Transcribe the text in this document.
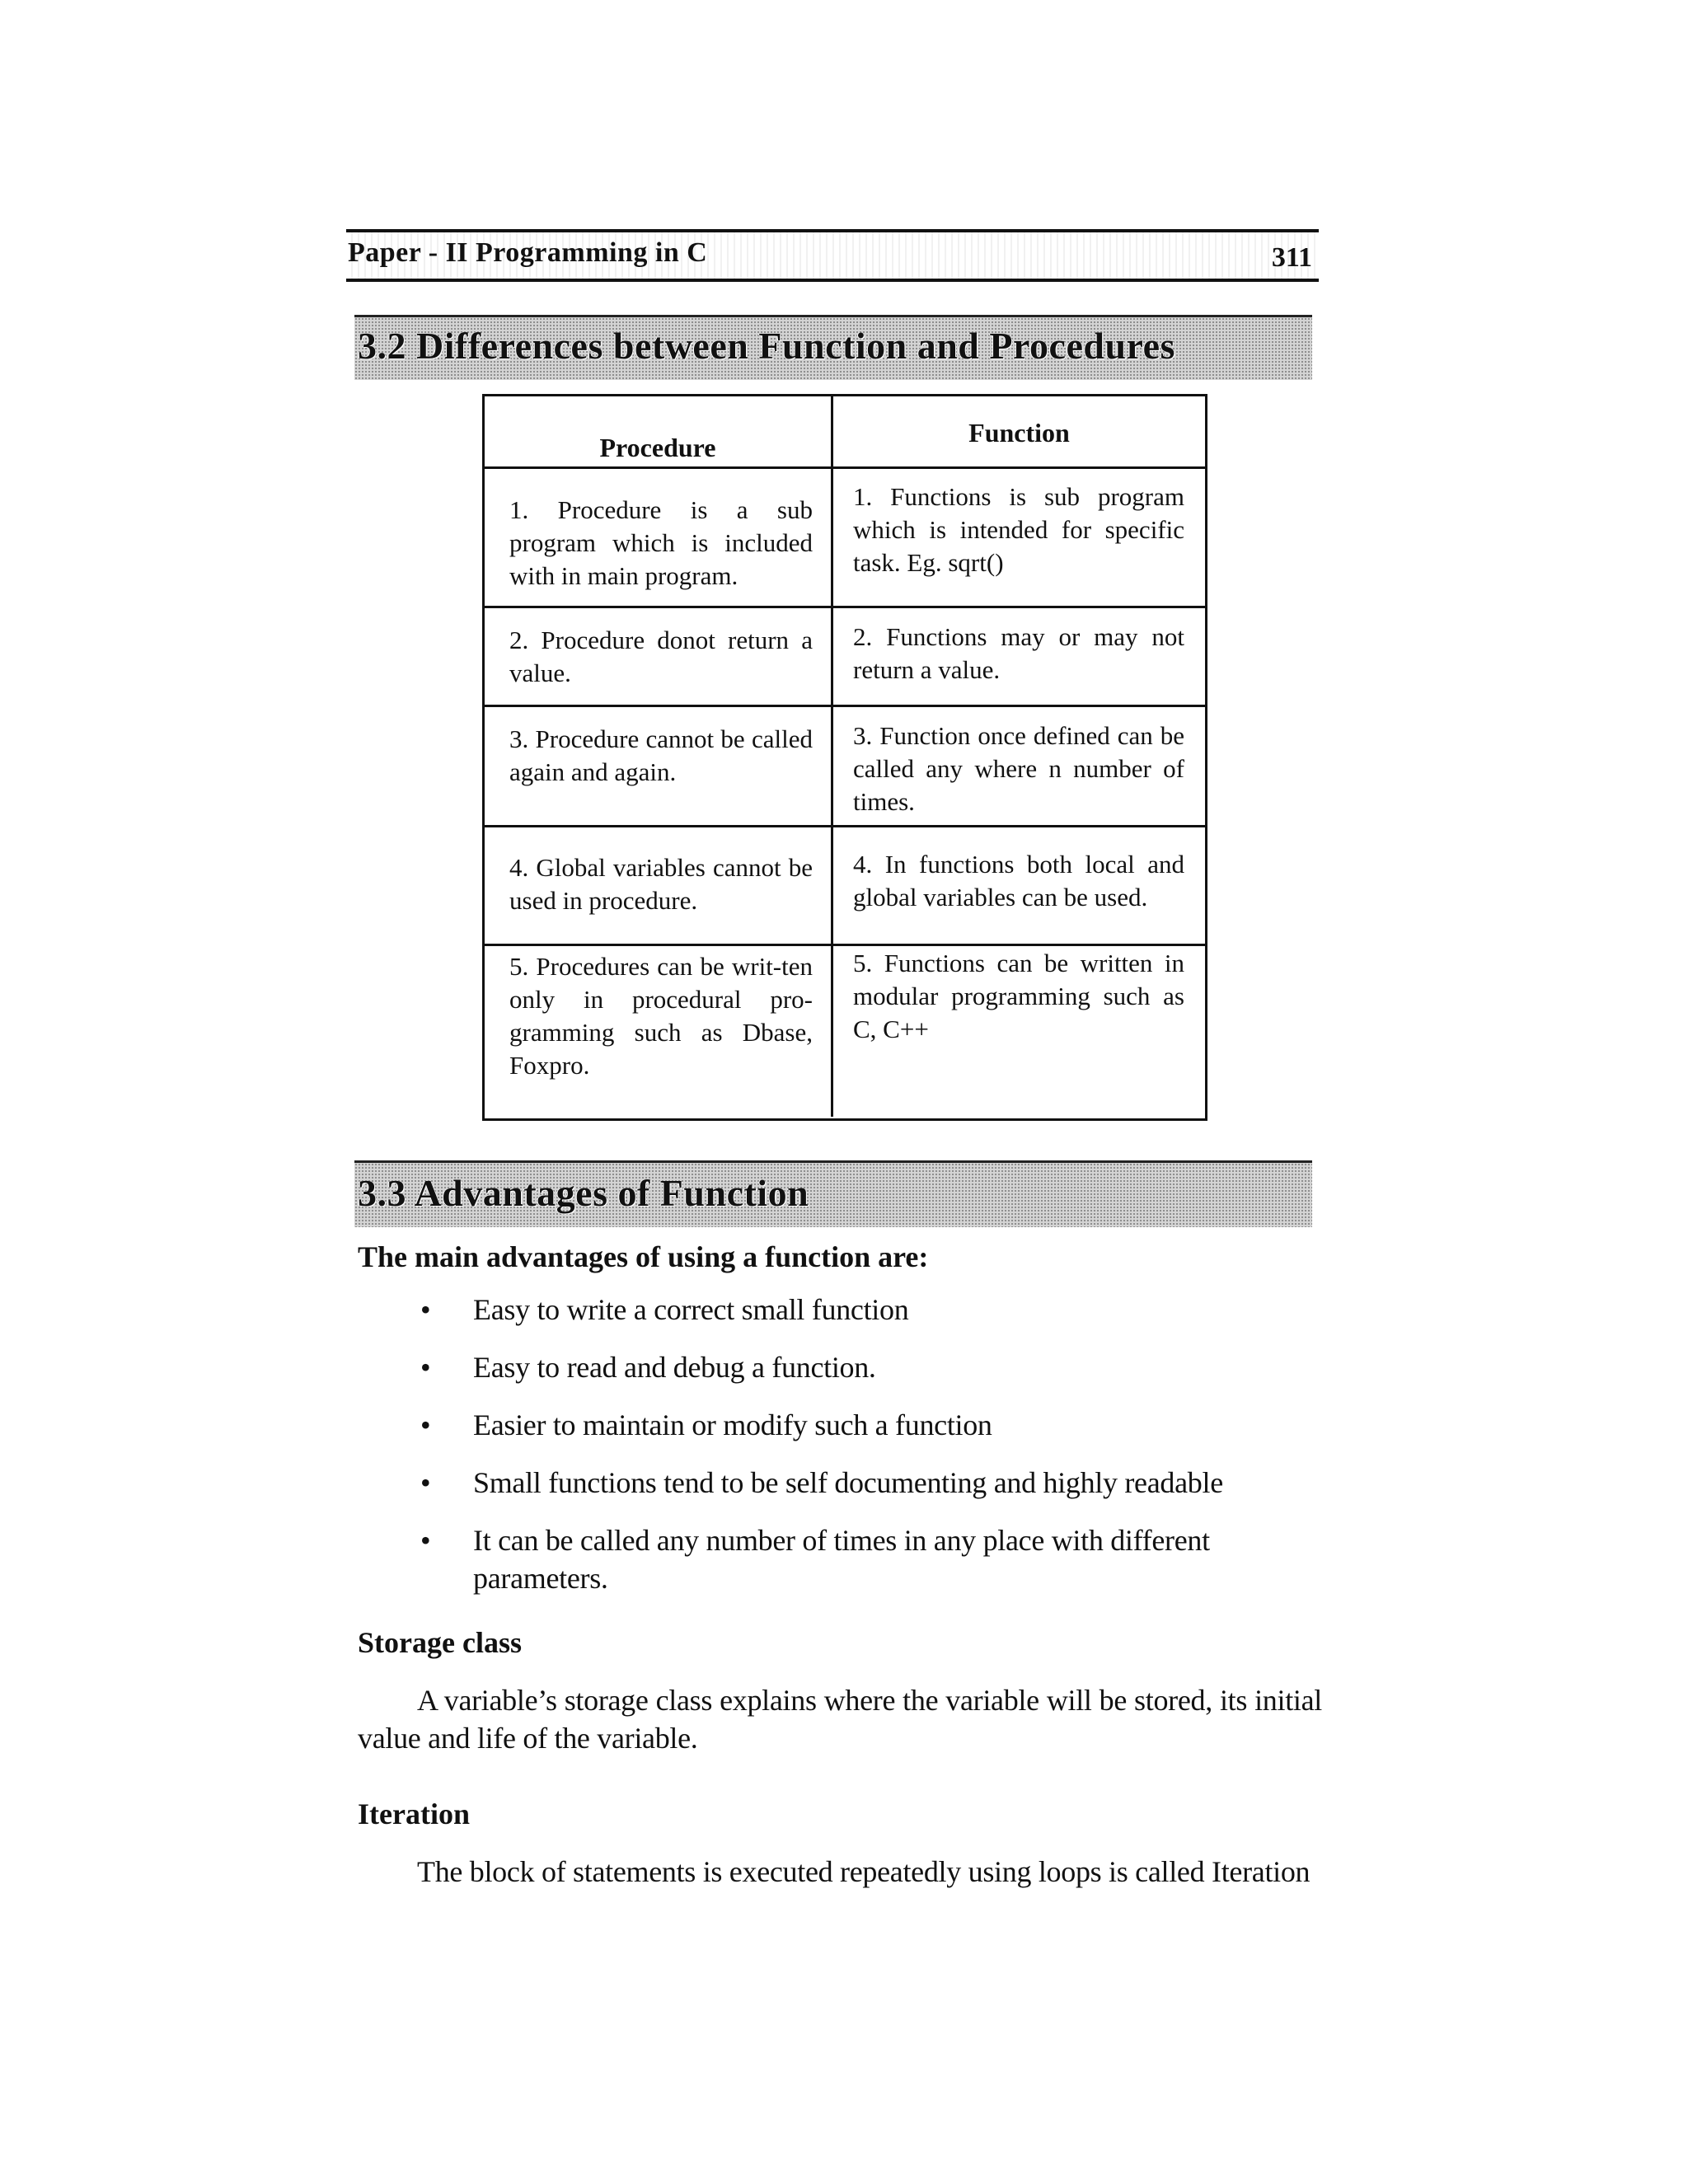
Paper - II Programming in C	311
3.2 Differences between Function and Procedures
Procedure	Function
1. Procedure is a sub program which is included with in main program.
1. Functions is sub program which is intended for specific task. Eg. sqrt()
2. Procedure donot return a value.
2. Functions may or may not return a value.
3. Procedure cannot be called again and again.
3. Function once defined can be called any where n number of times.
4. Global variables cannot be used in procedure.
4. In functions both local and global variables can be used.
5. Procedures can be writ-ten only in procedural pro-gramming such as Dbase, Foxpro.
5. Functions can be written in modular programming such as C, C++
3.3 Advantages of Function
The main advantages of using a function are:
• Easy to write a correct small function
• Easy to read and debug a function.
• Easier to maintain or modify such a function
• Small functions tend to be self documenting and highly readable
• It can be called any number of times in any place with different parameters.
Storage class
A variable’s storage class explains where the variable will be stored, its initial value and life of the variable.
Iteration
The block of statements is executed repeatedly using loops is called Iteration
